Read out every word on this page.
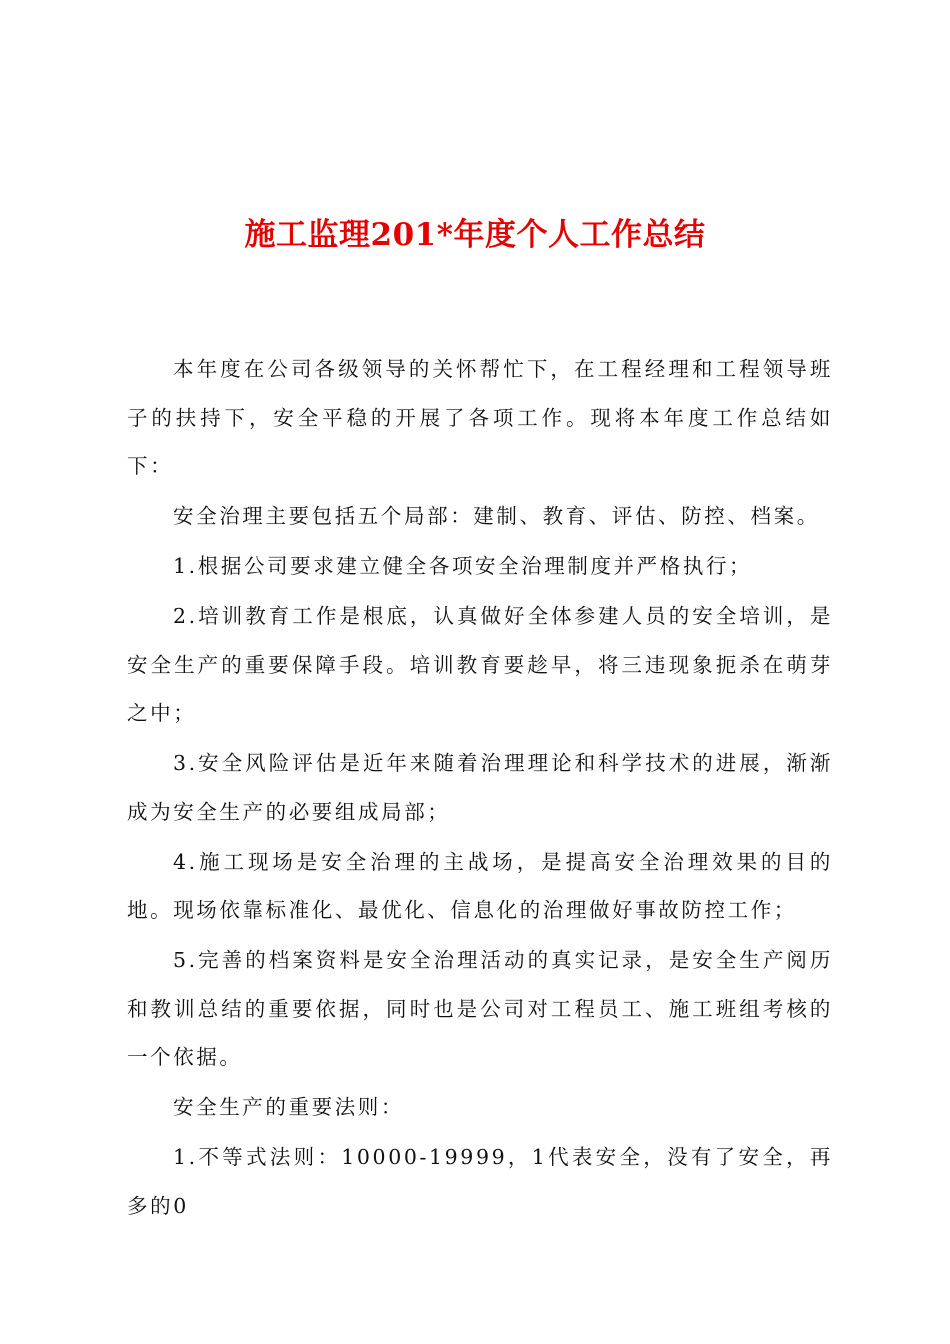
施工监理201*年度个人工作总结

本年度在公司各级领导的关怀帮忙下，在工程经理和工程领导班子的扶持下，安全平稳的开展了各项工作。现将本年度工作总结如下：

安全治理主要包括五个局部：建制、教育、评估、防控、档案。

1.根据公司要求建立健全各项安全治理制度并严格执行；

2.培训教育工作是根底，认真做好全体参建人员的安全培训，是安全生产的重要保障手段。培训教育要趁早，将三违现象扼杀在萌芽之中；

3.安全风险评估是近年来随着治理理论和科学技术的进展，渐渐成为安全生产的必要组成局部；

4.施工现场是安全治理的主战场，是提高安全治理效果的目的地。现场依靠标准化、最优化、信息化的治理做好事故防控工作；

5.完善的档案资料是安全治理活动的真实记录，是安全生产阅历和教训总结的重要依据，同时也是公司对工程员工、施工班组考核的一个依据。

安全生产的重要法则：

1.不等式法则：10000-19999，1代表安全，没有了安全，再多的0
